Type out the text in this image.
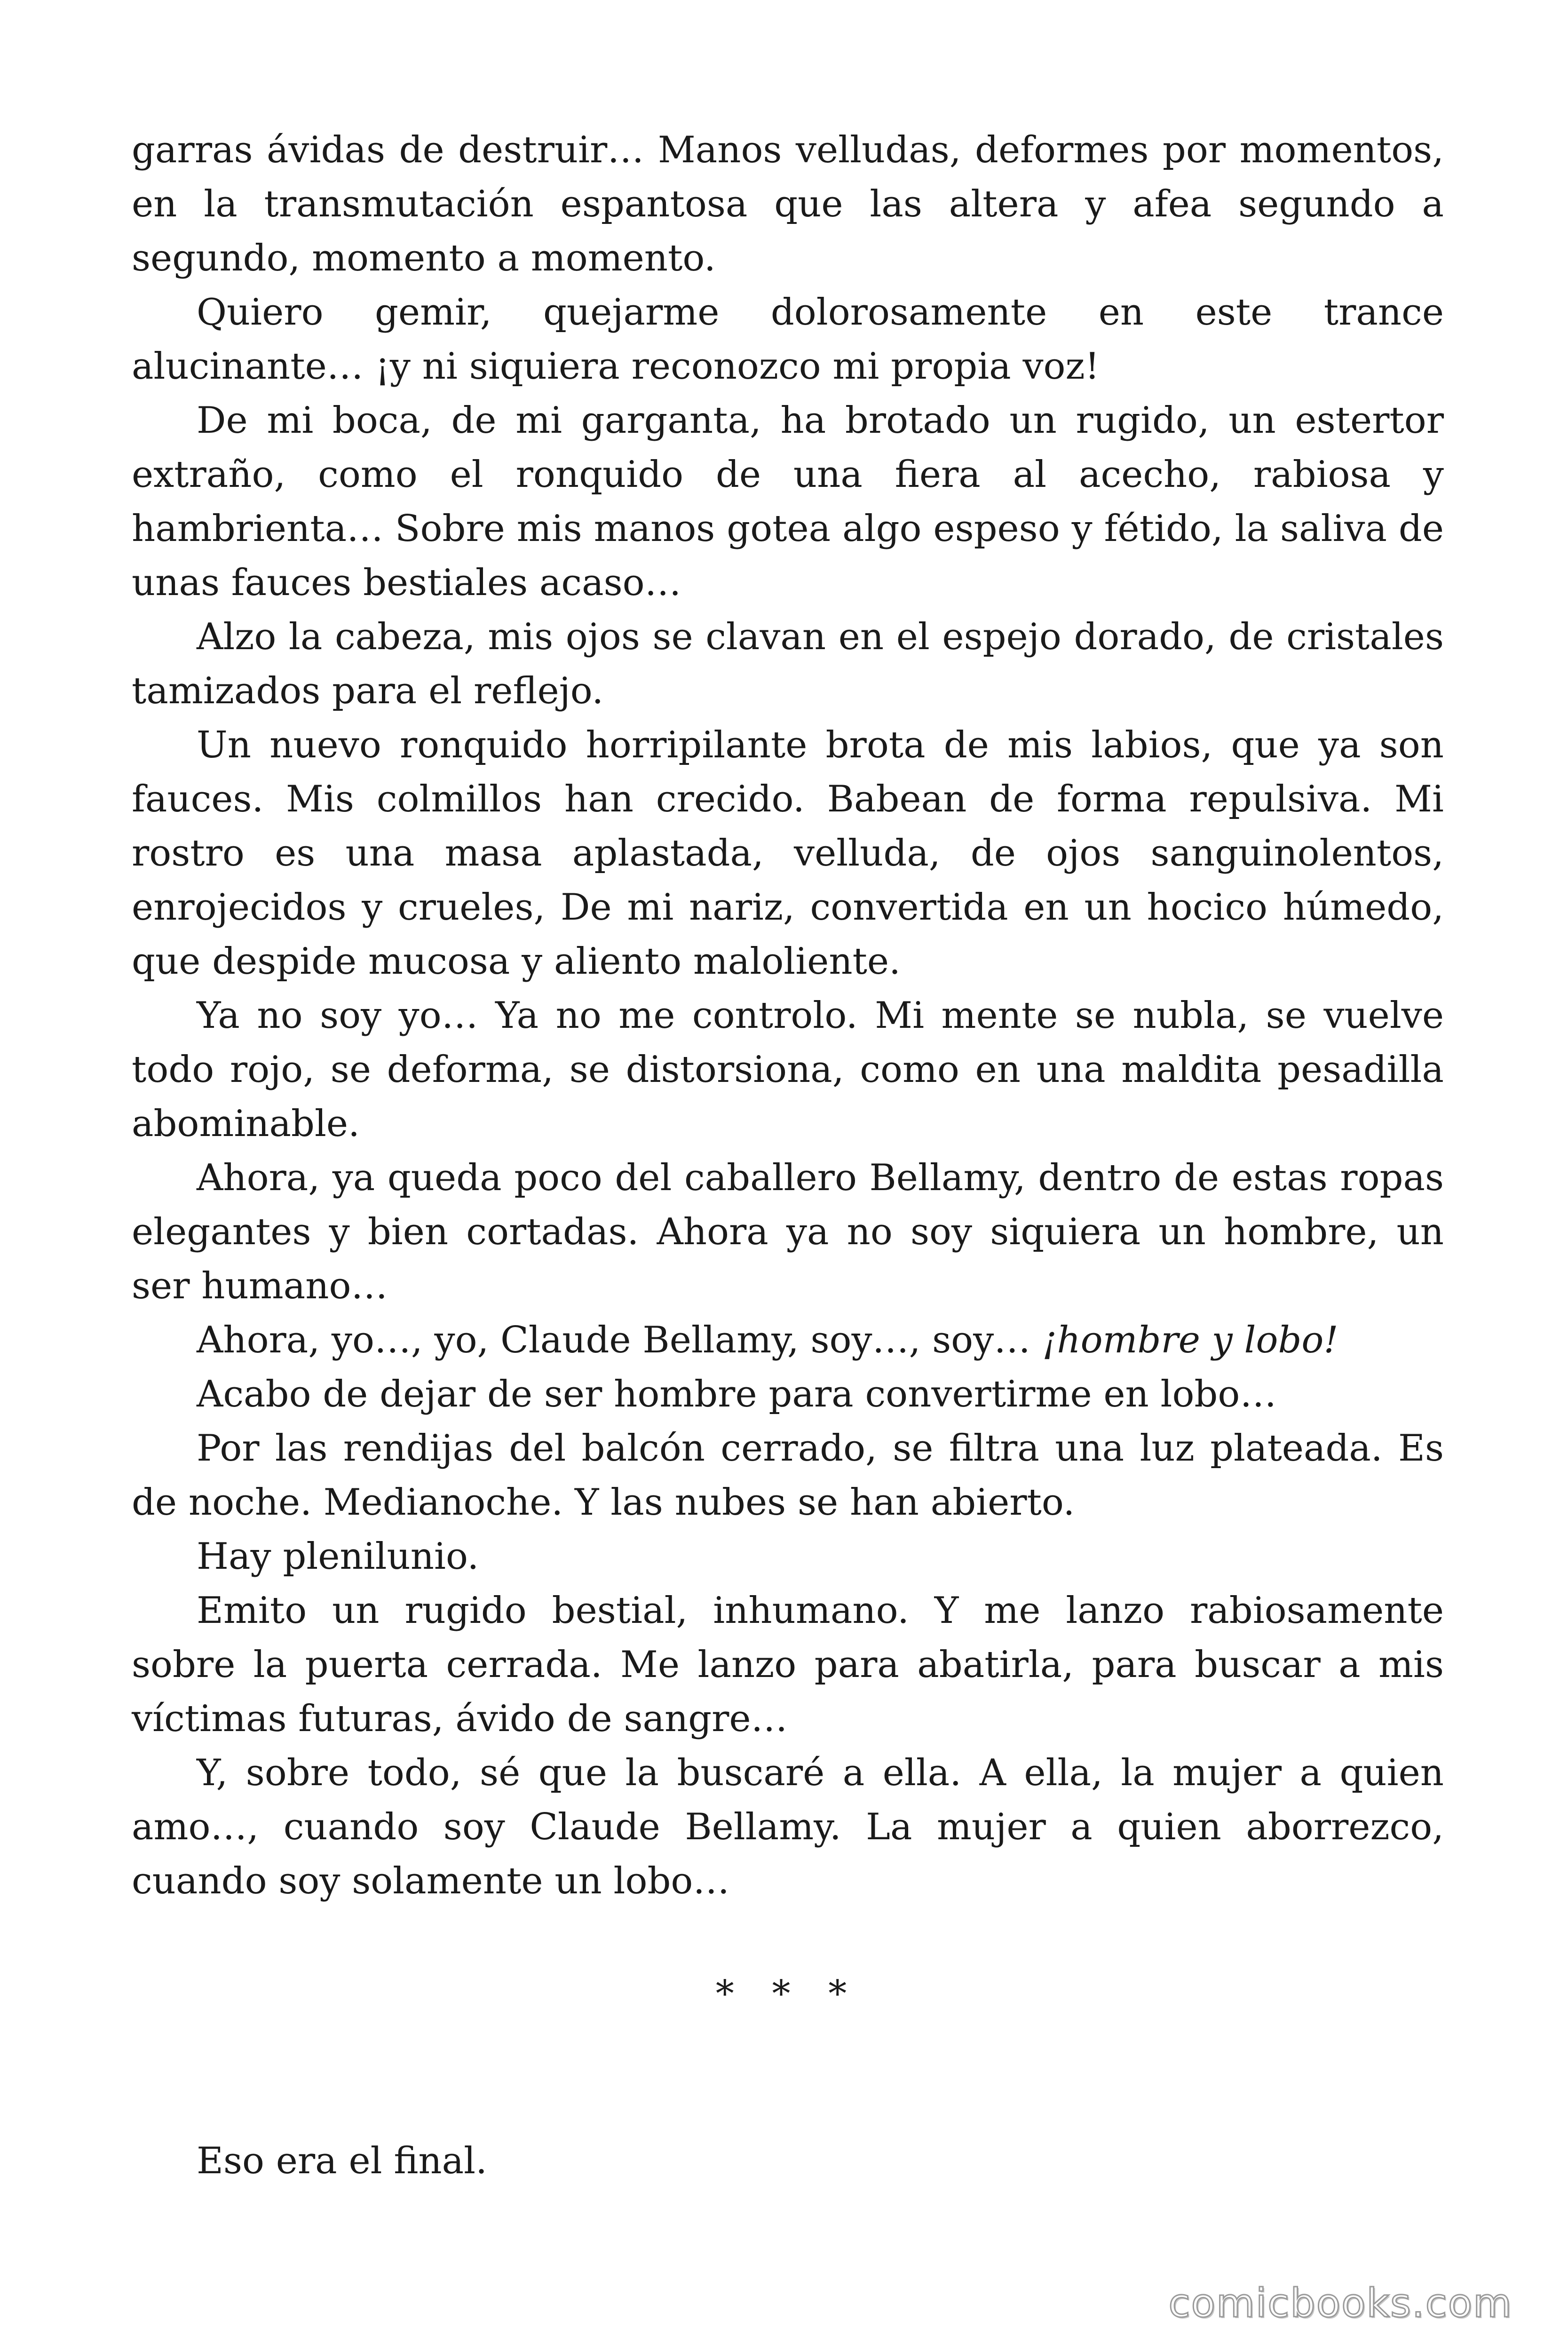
garras ávidas de destruir… Manos velludas, deformes por momentos, en la transmutación espantosa que las altera y afea segundo a segundo, momento a momento.

Quiero gemir, quejarme dolorosamente en este trance alucinante… ¡y ni siquiera reconozco mi propia voz!

De mi boca, de mi garganta, ha brotado un rugido, un estertor extraño, como el ronquido de una fiera al acecho, rabiosa y hambrienta… Sobre mis manos gotea algo espeso y fétido, la saliva de unas fauces bestiales acaso…

Alzo la cabeza, mis ojos se clavan en el espejo dorado, de cristales tamizados para el reflejo.

Un nuevo ronquido horripilante brota de mis labios, que ya son fauces. Mis colmillos han crecido. Babean de forma repulsiva. Mi rostro es una masa aplastada, velluda, de ojos sanguinolentos, enrojecidos y crueles, De mi nariz, convertida en un hocico húmedo, que despide mucosa y aliento maloliente.

Ya no soy yo… Ya no me controlo. Mi mente se nubla, se vuelve todo rojo, se deforma, se distorsiona, como en una maldita pesadilla abominable.

Ahora, ya queda poco del caballero Bellamy, dentro de estas ropas elegantes y bien cortadas. Ahora ya no soy siquiera un hombre, un ser humano…

Ahora, yo…, yo, Claude Bellamy, soy…, soy… ¡hombre y lobo!

Acabo de dejar de ser hombre para convertirme en lobo…

Por las rendijas del balcón cerrado, se filtra una luz plateada. Es de noche. Medianoche. Y las nubes se han abierto.

Hay plenilunio.

Emito un rugido bestial, inhumano. Y me lanzo rabiosamente sobre la puerta cerrada. Me lanzo para abatirla, para buscar a mis víctimas futuras, ávido de sangre…

Y, sobre todo, sé que la buscaré a ella. A ella, la mujer a quien amo…, cuando soy Claude Bellamy. La mujer a quien aborrezco, cuando soy solamente un lobo…

* * *

Eso era el final.

comicbooks.com
